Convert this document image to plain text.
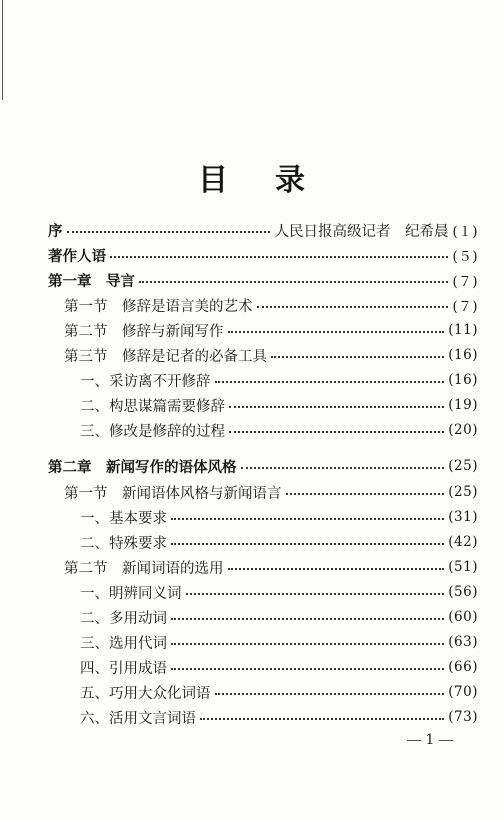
目 录
序	人民日报高级记者　纪希晨 (１)
著作人语	(５)
第一章　导言	(７)
第一节　修辞是语言美的艺术	(７)
第二节　修辞与新闻写作	(11)
第三节　修辞是记者的必备工具	(16)
一、采访离不开修辞	(16)
二、构思谋篇需要修辞	(19)
三、修改是修辞的过程	(20)
第二章　新闻写作的语体风格	(25)
第一节　新闻语体风格与新闻语言	(25)
一、基本要求	(31)
二、特殊要求	(42)
第二节　新闻词语的选用	(51)
一、明辨同义词	(56)
二、多用动词	(60)
三、选用代词	(63)
四、引用成语	(66)
五、巧用大众化词语	(70)
六、活用文言词语	(73)
1
